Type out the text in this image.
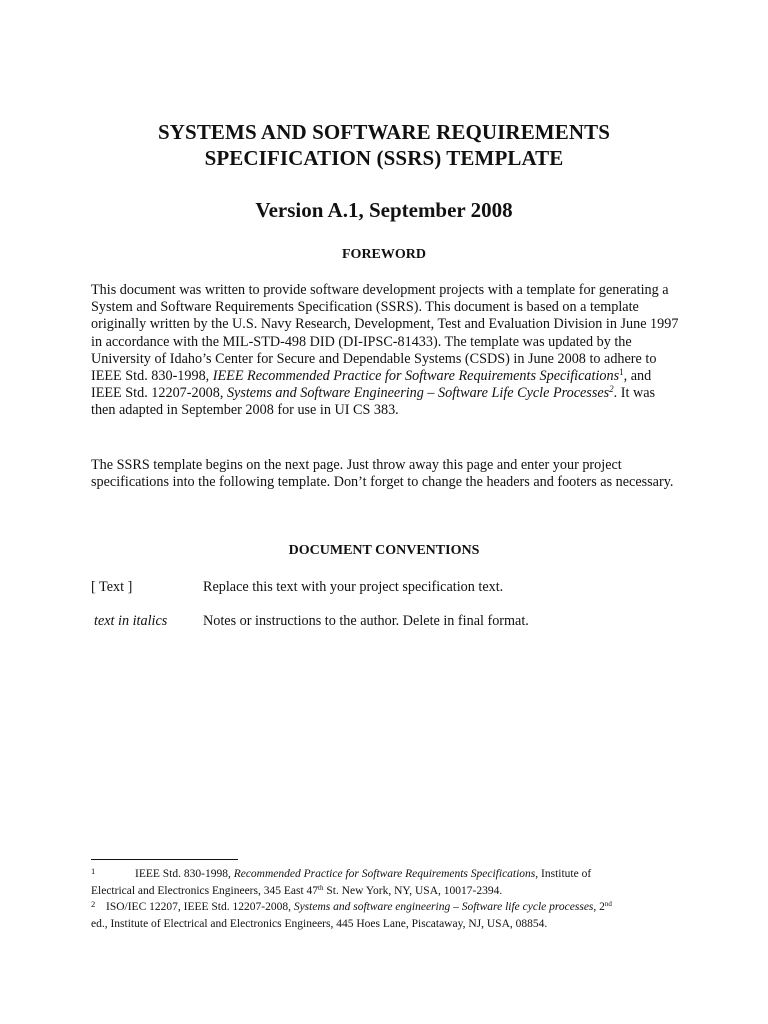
SYSTEMS AND SOFTWARE REQUIREMENTS
SPECIFICATION (SSRS) TEMPLATE
Version A.1, September 2008
FOREWORD
This document was written to provide software development projects with a template for generating a System and Software Requirements Specification (SSRS). This document is based on a template originally written by the U.S. Navy Research, Development, Test and Evaluation Division in June 1997 in accordance with the MIL-STD-498 DID (DI-IPSC-81433). The template was updated by the University of Idaho’s Center for Secure and Dependable Systems (CSDS) in June 2008 to adhere to IEEE Std. 830-1998, IEEE Recommended Practice for Software Requirements Specifications$^1$, and IEEE Std. 12207-2008, Systems and Software Engineering – Software Life Cycle Processes$^2$. It was then adapted in September 2008 for use in UI CS 383.
The SSRS template begins on the next page. Just throw away this page and enter your project specifications into the following template. Don’t forget to change the headers and footers as necessary.
DOCUMENT CONVENTIONS
[ Text ]	Replace this text with your project specification text.
text in italics	Notes or instructions to the author. Delete in final format.
1	IEEE Std. 830-1998, Recommended Practice for Software Requirements Specifications, Institute of
Electrical and Electronics Engineers, 345 East 47th St. New York, NY, USA, 10017-2394.
2 ISO/IEC 12207, IEEE Std. 12207-2008, Systems and software engineering – Software life cycle processes, 2nd
ed., Institute of Electrical and Electronics Engineers, 445 Hoes Lane, Piscataway, NJ, USA, 08854.
